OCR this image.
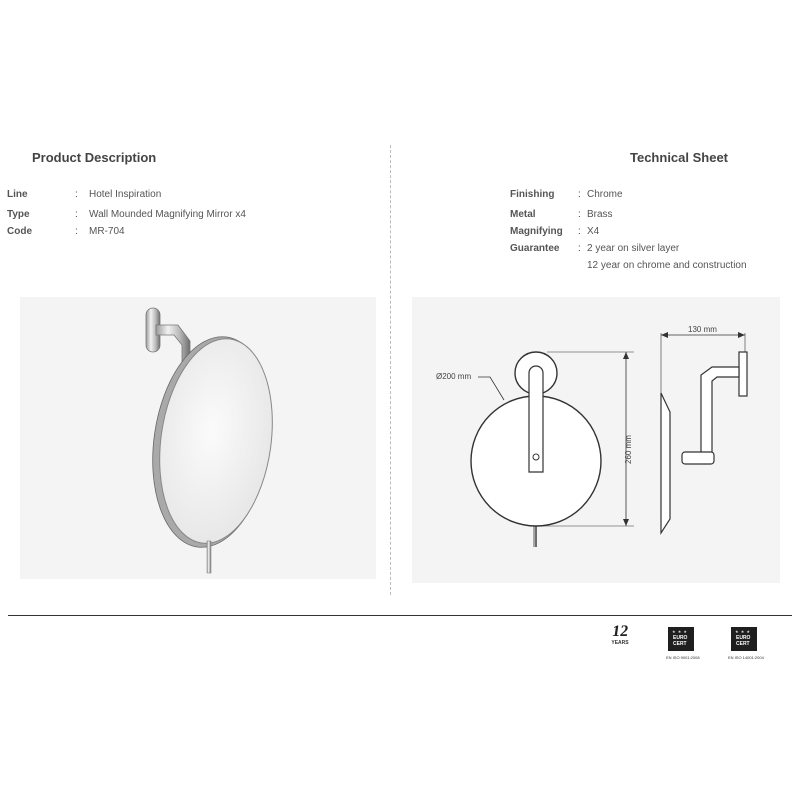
Product Description
Line	: Hotel Inspiration
Type	: Wall Mounded Magnifying Mirror x4
Code	: MR-704
Technical Sheet
Finishing : Chrome
Metal	: Brass
Magnifying : X4
Guarantee : 2 year on silver layer
12 year on chrome and construction
Ø200 mm
260 mm
130 mm
12
YEARS
★ ★ ★
EURO
CERT
EN ISO 9001:2008
★ ★ ★
EURO
CERT
EN ISO 14001:2004
